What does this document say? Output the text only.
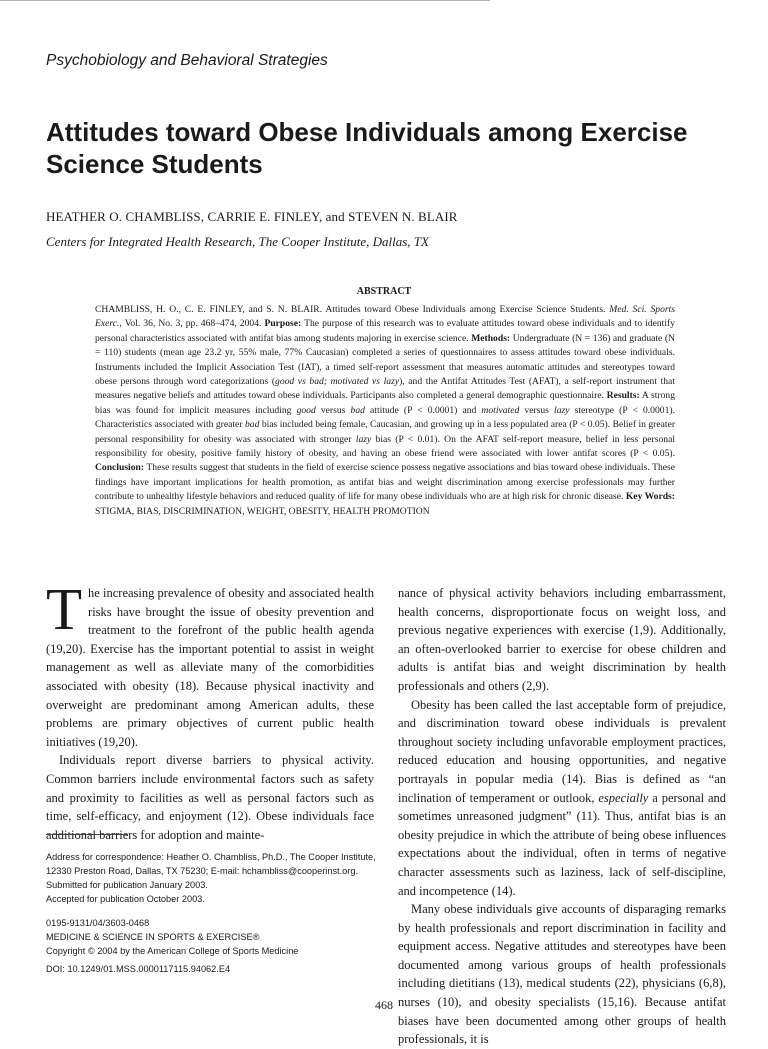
Psychobiology and Behavioral Strategies
Attitudes toward Obese Individuals among Exercise Science Students
HEATHER O. CHAMBLISS, CARRIE E. FINLEY, and STEVEN N. BLAIR
Centers for Integrated Health Research, The Cooper Institute, Dallas, TX
ABSTRACT
CHAMBLISS, H. O., C. E. FINLEY, and S. N. BLAIR. Attitudes toward Obese Individuals among Exercise Science Students. Med. Sci. Sports Exerc., Vol. 36, No. 3, pp. 468–474, 2004. Purpose: The purpose of this research was to evaluate attitudes toward obese individuals and to identify personal characteristics associated with antifat bias among students majoring in exercise science. Methods: Undergraduate (N = 136) and graduate (N = 110) students (mean age 23.2 yr, 55% male, 77% Caucasian) completed a series of questionnaires to assess attitudes toward obese individuals. Instruments included the Implicit Association Test (IAT), a timed self-report assessment that measures automatic attitudes and stereotypes toward obese persons through word categorizations (good vs bad; motivated vs lazy), and the Antifat Attitudes Test (AFAT), a self-report instrument that measures negative beliefs and attitudes toward obese individuals. Participants also completed a general demographic questionnaire. Results: A strong bias was found for implicit measures including good versus bad attitude (P < 0.0001) and motivated versus lazy stereotype (P < 0.0001). Characteristics associated with greater bad bias included being female, Caucasian, and growing up in a less populated area (P < 0.05). Belief in greater personal responsibility for obesity was associated with stronger lazy bias (P < 0.01). On the AFAT self-report measure, belief in less personal responsibility for obesity, positive family history of obesity, and having an obese friend were associated with lower antifat scores (P < 0.05). Conclusion: These results suggest that students in the field of exercise science possess negative associations and bias toward obese individuals. These findings have important implications for health promotion, as antifat bias and weight discrimination among exercise professionals may further contribute to unhealthy lifestyle behaviors and reduced quality of life for many obese individuals who are at high risk for chronic disease. Key Words: STIGMA, BIAS, DISCRIMINATION, WEIGHT, OBESITY, HEALTH PROMOTION

The increasing prevalence of obesity and associated health risks have brought the issue of obesity prevention and treatment to the forefront of the public health agenda (19,20). Exercise has the important potential to assist in weight management as well as alleviate many of the comorbidities associated with obesity (18). Because physical inactivity and overweight are predominant among American adults, these problems are primary objectives of current public health initiatives (19,20).

Individuals report diverse barriers to physical activity. Common barriers include environmental factors such as safety and proximity to facilities as well as personal factors such as time, self-efficacy, and enjoyment (12). Obese individuals face additional barriers for adoption and mainte-

nance of physical activity behaviors including embarrassment, health concerns, disproportionate focus on weight loss, and previous negative experiences with exercise (1,9). Additionally, an often-overlooked barrier to exercise for obese children and adults is antifat bias and weight discrimination by health professionals and others (2,9).

Obesity has been called the last acceptable form of prejudice, and discrimination toward obese individuals is prevalent throughout society including unfavorable employment practices, reduced education and housing opportunities, and negative portrayals in popular media (14). Bias is defined as “an inclination of temperament or outlook, especially a personal and sometimes unreasoned judgment” (11). Thus, antifat bias is an obesity prejudice in which the attribute of being obese influences expectations about the individual, often in terms of negative character assessments such as laziness, lack of self-discipline, and incompetence (14).

Many obese individuals give accounts of disparaging remarks by health professionals and report discrimination in facility and equipment access. Negative attitudes and stereotypes have been documented among various groups of health professionals including dietitians (13), medical students (22), physicians (6,8), nurses (10), and obesity specialists (15,16). Because antifat biases have been documented among other groups of health professionals, it is

Address for correspondence: Heather O. Chambliss, Ph.D., The Cooper Institute, 12330 Preston Road, Dallas, TX 75230; E-mail: hchambliss@cooperinst.org.
Submitted for publication January 2003.
Accepted for publication October 2003.
0195-9131/04/3603-0468
MEDICINE & SCIENCE IN SPORTS & EXERCISE®
Copyright © 2004 by the American College of Sports Medicine
DOI: 10.1249/01.MSS.0000117115.94062.E4
468
